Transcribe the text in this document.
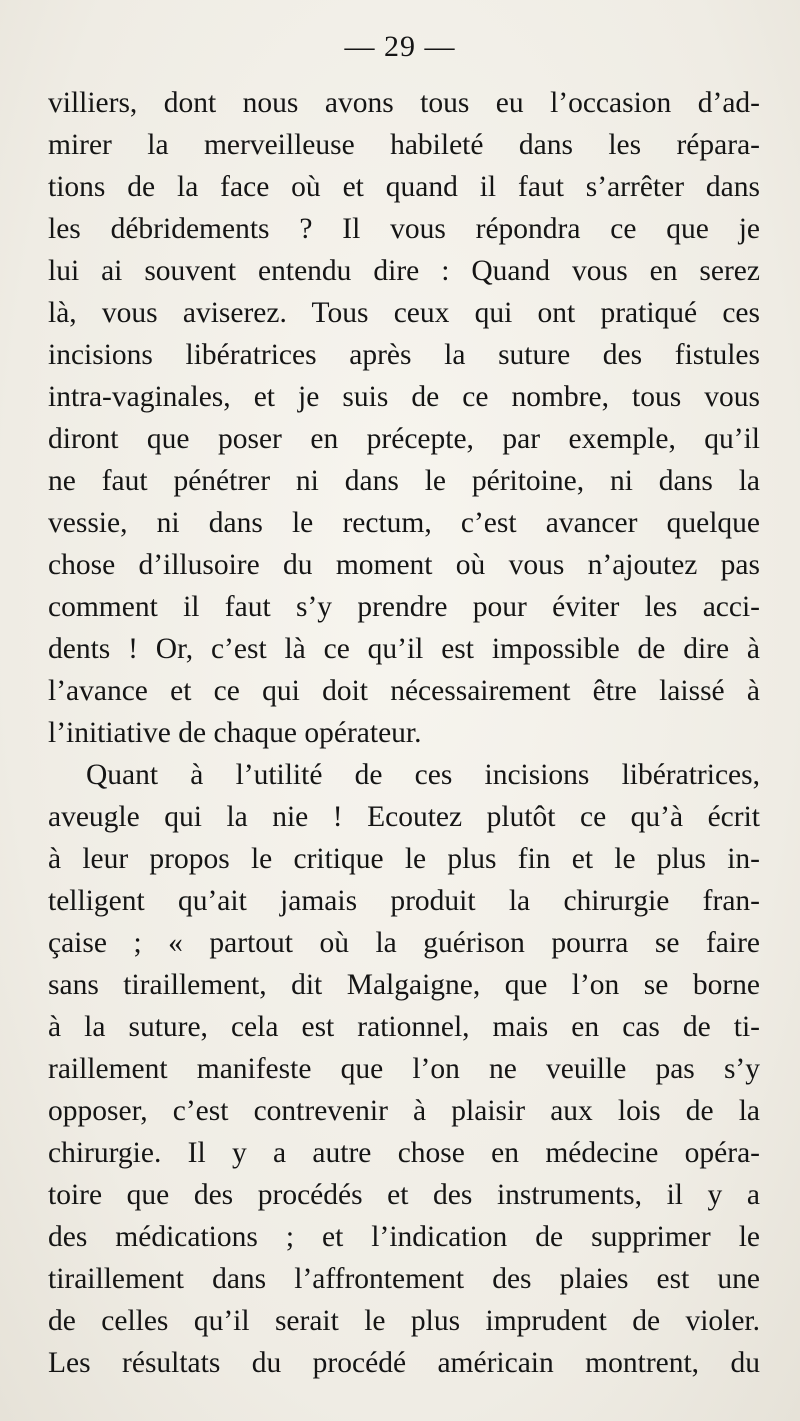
— 29 —
villiers, dont nous avons tous eu l’occasion d’ad-
mirer la merveilleuse habileté dans les répara-
tions de la face où et quand il faut s’arrêter dans
les débridements ? Il vous répondra ce que je
lui ai souvent entendu dire : Quand vous en serez
là, vous aviserez. Tous ceux qui ont pratiqué ces
incisions libératrices après la suture des fistules
intra-vaginales, et je suis de ce nombre, tous vous
diront que poser en précepte, par exemple, qu’il
ne faut pénétrer ni dans le péritoine, ni dans la
vessie, ni dans le rectum, c’est avancer quelque
chose d’illusoire du moment où vous n’ajoutez pas
comment il faut s’y prendre pour éviter les acci-
dents ! Or, c’est là ce qu’il est impossible de dire à
l’avance et ce qui doit nécessairement être laissé à
l’initiative de chaque opérateur.
Quant à l’utilité de ces incisions libératrices,
aveugle qui la nie ! Ecoutez plutôt ce qu’à écrit
à leur propos le critique le plus fin et le plus in-
telligent qu’ait jamais produit la chirurgie fran-
çaise ; « partout où la guérison pourra se faire
sans tiraillement, dit Malgaigne, que l’on se borne
à la suture, cela est rationnel, mais en cas de ti-
raillement manifeste que l’on ne veuille pas s’y
opposer, c’est contrevenir à plaisir aux lois de la
chirurgie. Il y a autre chose en médecine opéra-
toire que des procédés et des instruments, il y a
des médications ; et l’indication de supprimer le
tiraillement dans l’affrontement des plaies est une
de celles qu’il serait le plus imprudent de violer.
Les résultats du procédé américain montrent, du
